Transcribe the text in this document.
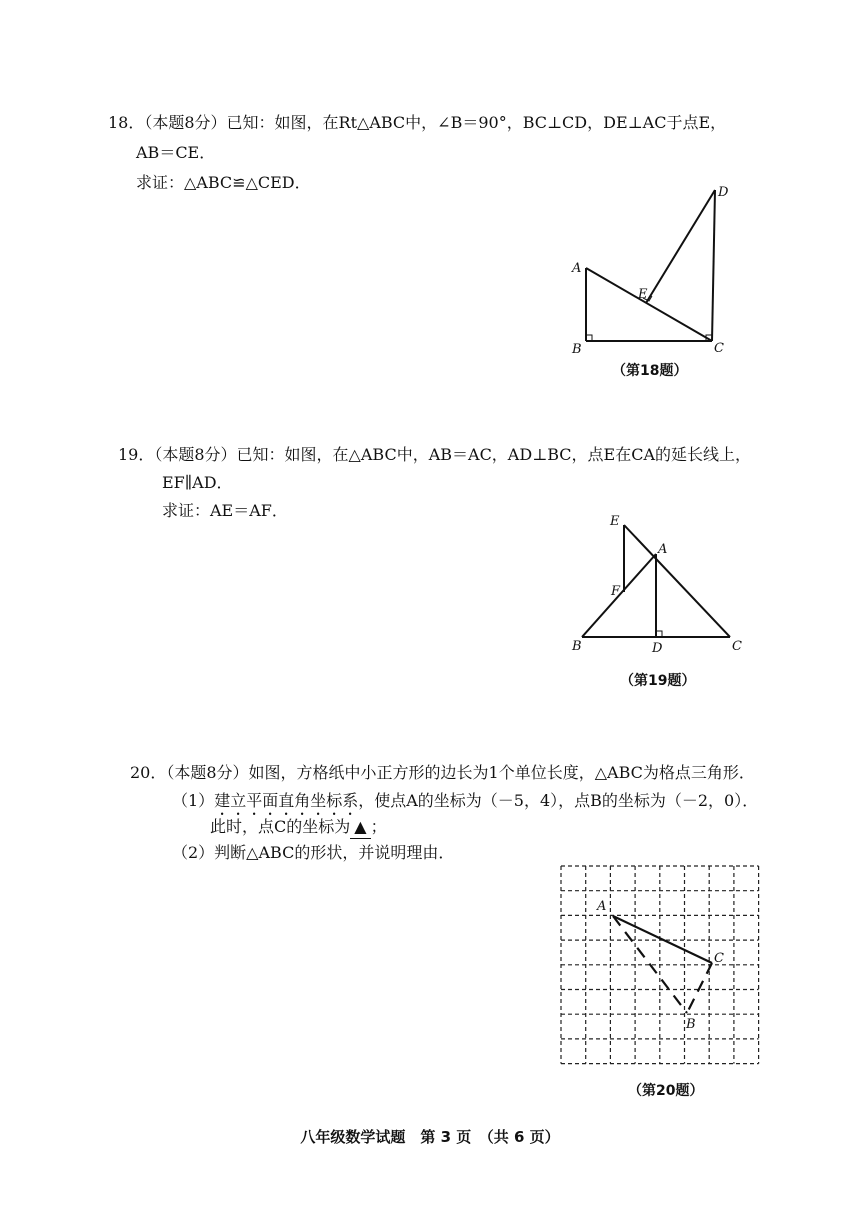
18．（本题8分）已知：如图，在Rt△ABC中，∠B＝90°，BC⊥CD，DE⊥AC于点E，
AB＝CE．
求证：△ABC≌△CED．
A
B	C
D
E
（第18题）
19．（本题8分）已知：如图，在△ABC中，AB＝AC，AD⊥BC，点E在CA的延长线上，
EF∥AD．
求证：AE＝AF．
E
A
F
B	D	C
（第19题）
20．（本题8分）如图，方格纸中小正方形的边长为1个单位长度，△ABC为格点三角形．
（1）建立平面直角坐标系，使点A的坐标为（－5，4），点B的坐标为（－2，0）．
此时，点C的坐标为 ▲ ；
（2）判断△ABC的形状，并说明理由．
A
C
B
（第20题）
八年级数学试题　第 3 页　（共 6 页）
